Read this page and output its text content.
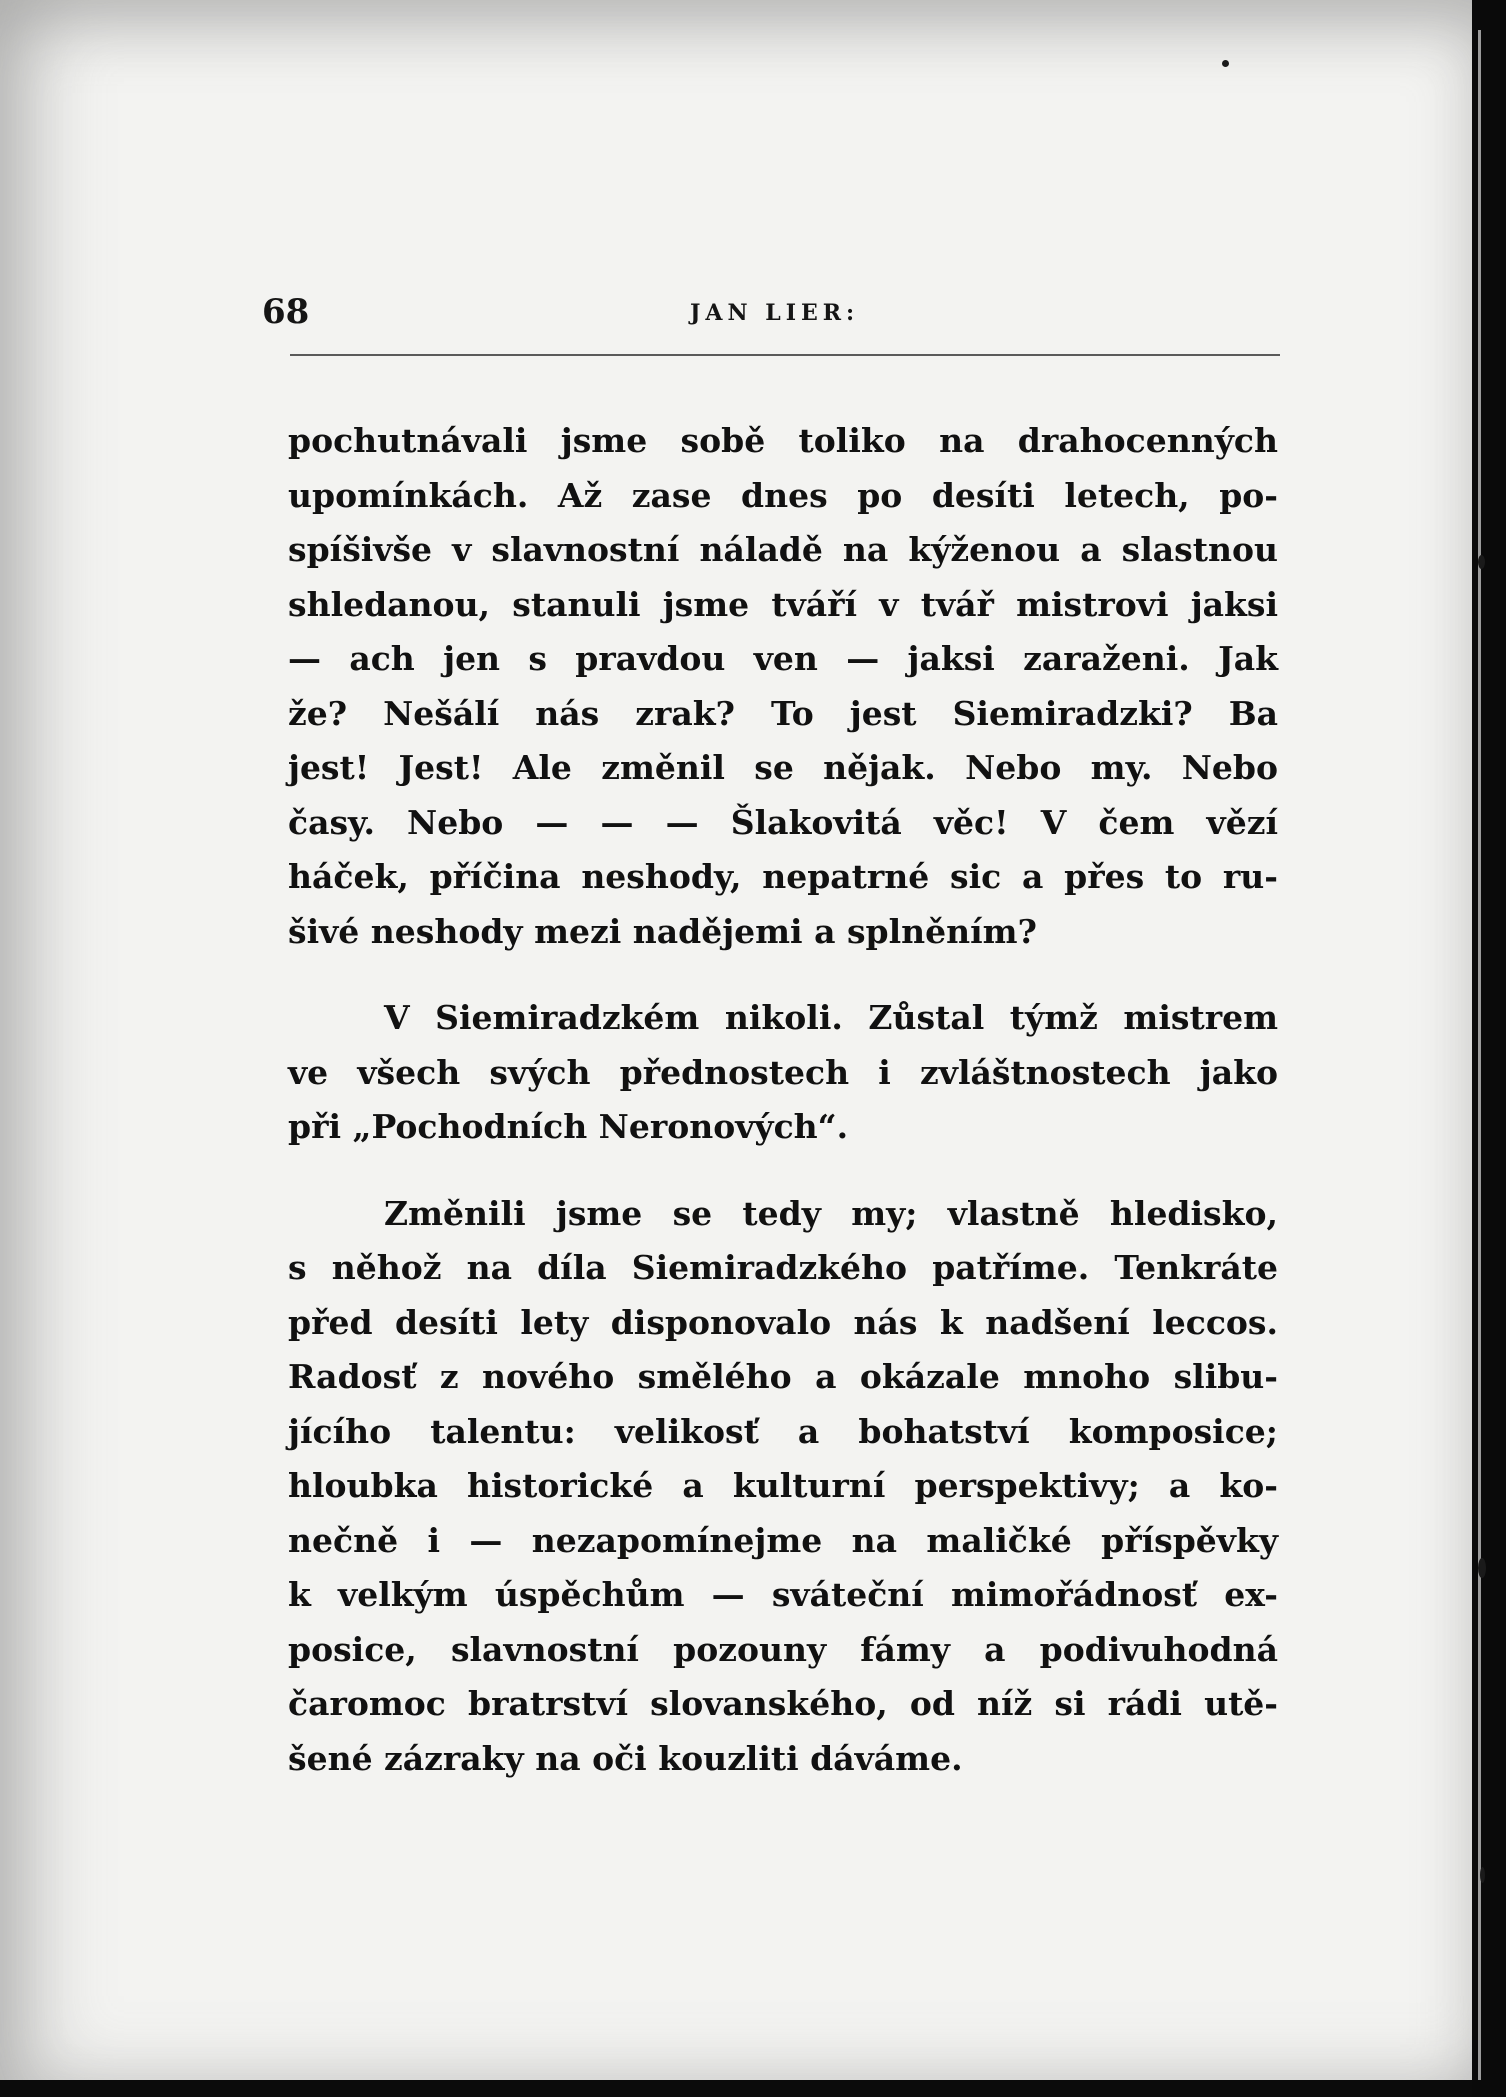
68	JAN LIER:

pochutnávali jsme sobě toliko na drahocenných
upomínkách. Až zase dnes po desíti letech, po-
spíšivše v slavnostní náladě na kýženou a slastnou
shledanou, stanuli jsme tváří v tvář mistrovi jaksi
— ach jen s pravdou ven — jaksi zaraženi. Jak
že? Nešálí nás zrak? To jest Siemiradzki? Ba
jest! Jest! Ale změnil se nějak. Nebo my. Nebo
časy. Nebo — — — Šlakovitá věc! V čem vězí
háček, příčina neshody, nepatrné sic a přes to ru-
šivé neshody mezi nadějemi a splněním?

V Siemiradzkém nikoli. Zůstal týmž mistrem
ve všech svých přednostech i zvláštnostech jako
při „Pochodních Neronových“.

Změnili jsme se tedy my; vlastně hledisko,
s něhož na díla Siemiradzkého patříme. Tenkráte
před desíti lety disponovalo nás k nadšení leccos.
Radosť z nového smělého a okázale mnoho slibu-
jícího talentu: velikosť a bohatství komposice;
hloubka historické a kulturní perspektivy; a ko-
nečně i — nezapomínejme na maličké příspěvky
k velkým úspěchům — sváteční mimořádnosť ex-
posice, slavnostní pozouny fámy a podivuhodná
čaromoc bratrství slovanského, od níž si rádi utě-
šené zázraky na oči kouzliti dáváme.
